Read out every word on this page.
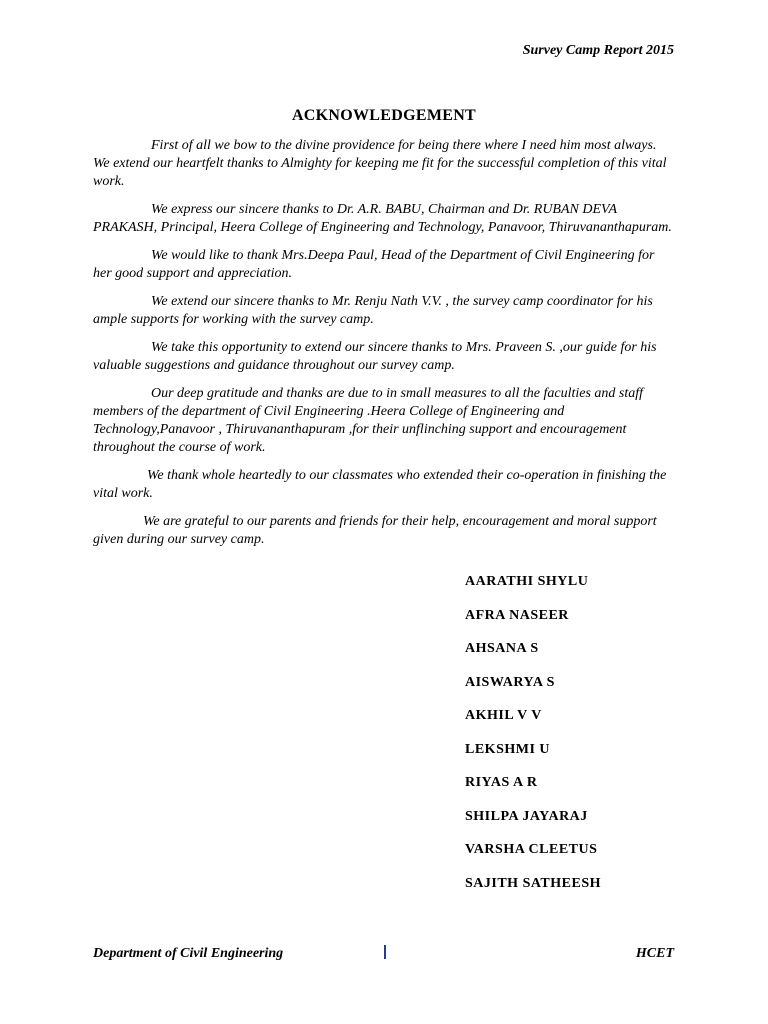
Survey Camp Report 2015
ACKNOWLEDGEMENT

First of all we bow to the divine providence for being there where I need him most always. We extend our heartfelt thanks to Almighty for keeping me fit for the successful completion of this vital work.

We express our sincere thanks to Dr. A.R. BABU, Chairman and Dr. RUBAN DEVA PRAKASH, Principal, Heera College of Engineering and Technology, Panavoor, Thiruvananthapuram.

We would like to thank Mrs.Deepa Paul, Head of the Department of Civil Engineering for her good support and appreciation.

We extend our sincere thanks to Mr. Renju Nath V.V. , the survey camp coordinator for his ample supports for working with the survey camp.

We take this opportunity to extend our sincere thanks to Mrs. Praveen S. ,our guide for his valuable suggestions and guidance throughout our survey camp.

Our deep gratitude and thanks are due to in small measures to all the faculties and staff members of the department of Civil Engineering .Heera College of Engineering and Technology,Panavoor , Thiruvananthapuram ,for their unflinching support and encouragement throughout the course of work.

We thank whole heartedly to our classmates who extended their co-operation in finishing the vital work.

We are grateful to our parents and friends for their help, encouragement and moral support given during our survey camp.

AARATHI SHYLU
AFRA NASEER
AHSANA S
AISWARYA S
AKHIL V V
LEKSHMI U
RIYAS A R
SHILPA JAYARAJ
VARSHA CLEETUS
SAJITH SATHEESH
Department of Civil Engineering	HCET
